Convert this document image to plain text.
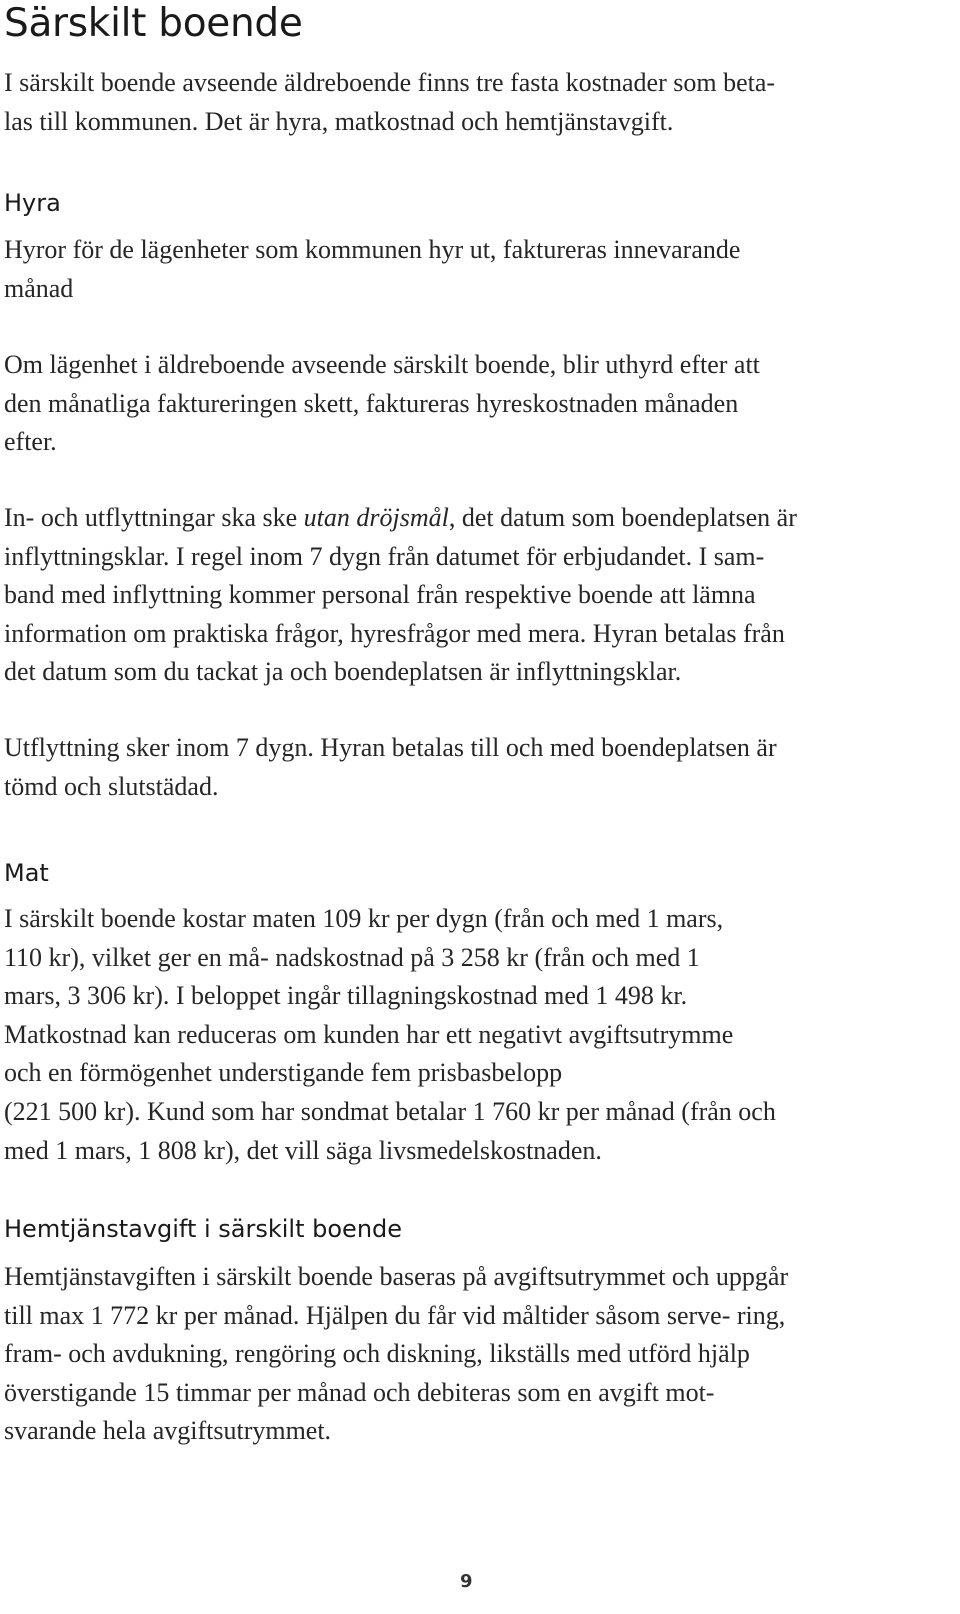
Särskilt boende

I särskilt boende avseende äldreboende finns tre fasta kostnader som beta-
las till kommunen. Det är hyra, matkostnad och hemtjänstavgift.

Hyra

Hyror för de lägenheter som kommunen hyr ut, faktureras innevarande
månad

Om lägenhet i äldreboende avseende särskilt boende, blir uthyrd efter att
den månatliga faktureringen skett, faktureras hyreskostnaden månaden
efter.

In- och utflyttningar ska ske utan dröjsmål, det datum som boendeplatsen är
inflyttningsklar. I regel inom 7 dygn från datumet för erbjudandet. I sam-
band med inflyttning kommer personal från respektive boende att lämna
information om praktiska frågor, hyresfrågor med mera. Hyran betalas från
det datum som du tackat ja och boendeplatsen är inflyttningsklar.

Utflyttning sker inom 7 dygn. Hyran betalas till och med boendeplatsen är
tömd och slutstädad.

Mat

I särskilt boende kostar maten 109 kr per dygn (från och med 1 mars,
110 kr), vilket ger en må- nadskostnad på 3 258 kr (från och med 1
mars, 3 306 kr). I beloppet ingår tillagningskostnad med 1 498 kr.
Matkostnad kan reduceras om kunden har ett negativt avgiftsutrymme
och en förmögenhet understigande fem prisbasbelopp
(221 500 kr). Kund som har sondmat betalar 1 760 kr per månad (från och
med 1 mars, 1 808 kr), det vill säga livsmedelskostnaden.

Hemtjänstavgift i särskilt boende

Hemtjänstavgiften i särskilt boende baseras på avgiftsutrymmet och uppgår
till max 1 772 kr per månad. Hjälpen du får vid måltider såsom serve- ring,
fram- och avdukning, rengöring och diskning, likställs med utförd hjälp
överstigande 15 timmar per månad och debiteras som en avgift mot-
svarande hela avgiftsutrymmet.

9
